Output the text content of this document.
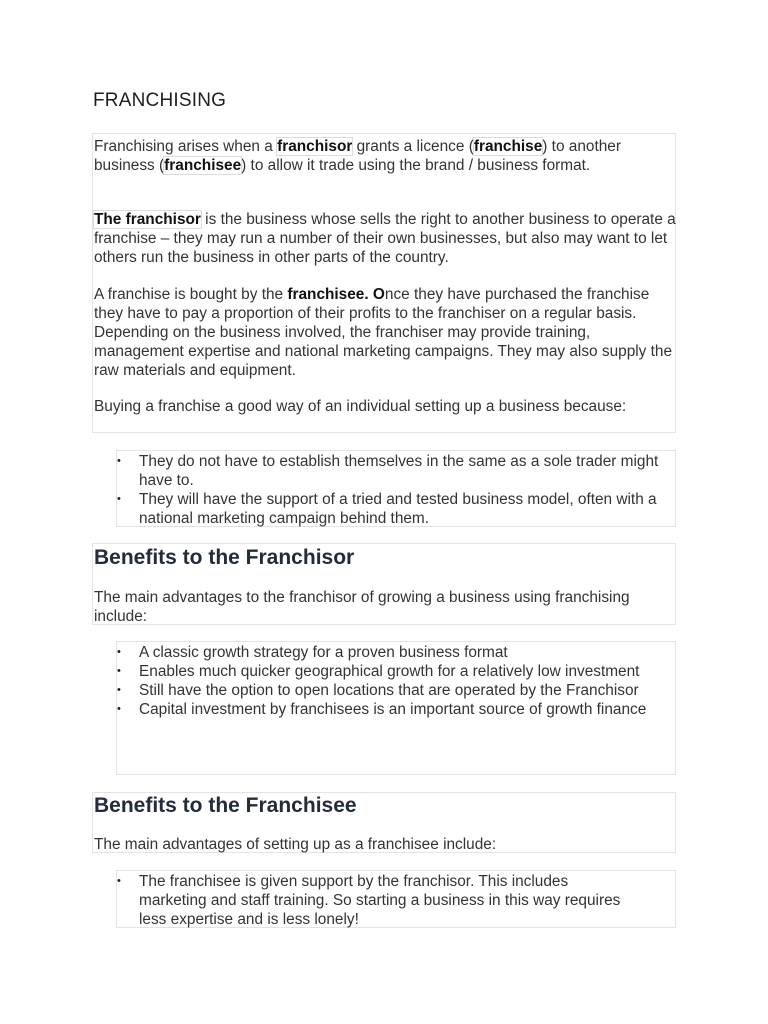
FRANCHISING

Franchising arises when a franchisor grants a licence (franchise) to another business (franchisee) to allow it trade using the brand / business format.

The franchisor is the business whose sells the right to another business to operate a franchise – they may run a number of their own businesses, but also may want to let others run the business in other parts of the country.

A franchise is bought by the franchisee. Once they have purchased the franchise they have to pay a proportion of their profits to the franchiser on a regular basis. Depending on the business involved, the franchiser may provide training, management expertise and national marketing campaigns. They may also supply the raw materials and equipment.

Buying a franchise a good way of an individual setting up a business because:

• They do not have to establish themselves in the same as a sole trader might have to.
• They will have the support of a tried and tested business model, often with a national marketing campaign behind them.
Benefits to the Franchisor

The main advantages to the franchisor of growing a business using franchising include:

• A classic growth strategy for a proven business format
• Enables much quicker geographical growth for a relatively low investment
• Still have the option to open locations that are operated by the Franchisor
• Capital investment by franchisees is an important source of growth finance
Benefits to the Franchisee

The main advantages of setting up as a franchisee include:

• The franchisee is given support by the franchisor. This includes marketing and staff training. So starting a business in this way requires less expertise and is less lonely!
